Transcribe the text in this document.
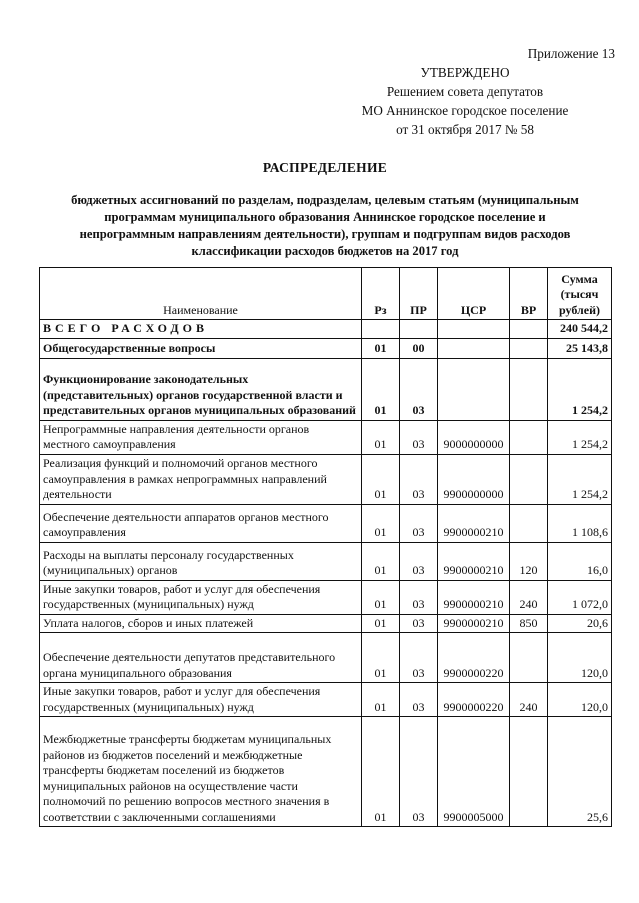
Приложение 13
УТВЕРЖДЕНО
Решением совета депутатов
МО Аннинское городское поселение
от 31 октября 2017 № 58
РАСПРЕДЕЛЕНИЕ
бюджетных ассигнований по разделам, подразделам, целевым статьям (муниципальным программам муниципального образования Аннинское городское поселение и непрограммным направлениям деятельности), группам и подгруппам видов расходов классификации расходов бюджетов на 2017 год
Наименование	Рз	ПР	ЦСР	ВР	Сумма (тысяч рублей)
ВСЕГО РАСХОДОВ					240 544,2
Общегосударственные вопросы	01	00			25 143,8
Функционирование законодательных (представительных) органов государственной власти и представительных органов муниципальных образований	01	03			1 254,2
Непрограммные направления деятельности органов местного самоуправления	01	03	9000000000		1 254,2
Реализация функций и полномочий органов местного самоуправления в рамках непрограммных направлений деятельности	01	03	9900000000		1 254,2
Обеспечение деятельности аппаратов органов местного самоуправления	01	03	9900000210		1 108,6
Расходы на выплаты персоналу государственных (муниципальных) органов	01	03	9900000210	120	16,0
Иные закупки товаров, работ и услуг для обеспечения государственных (муниципальных) нужд	01	03	9900000210	240	1 072,0
Уплата налогов, сборов и иных платежей	01	03	9900000210	850	20,6
Обеспечение деятельности депутатов представительного органа муниципального образования	01	03	9900000220		120,0
Иные закупки товаров, работ и услуг для обеспечения государственных (муниципальных) нужд	01	03	9900000220	240	120,0
Межбюджетные трансферты бюджетам муниципальных районов из бюджетов поселений и межбюджетные трансферты бюджетам поселений из бюджетов муниципальных районов на осуществление части полномочий по решению вопросов местного значения в соответствии с заключенными соглашениями	01	03	9900005000		25,6
